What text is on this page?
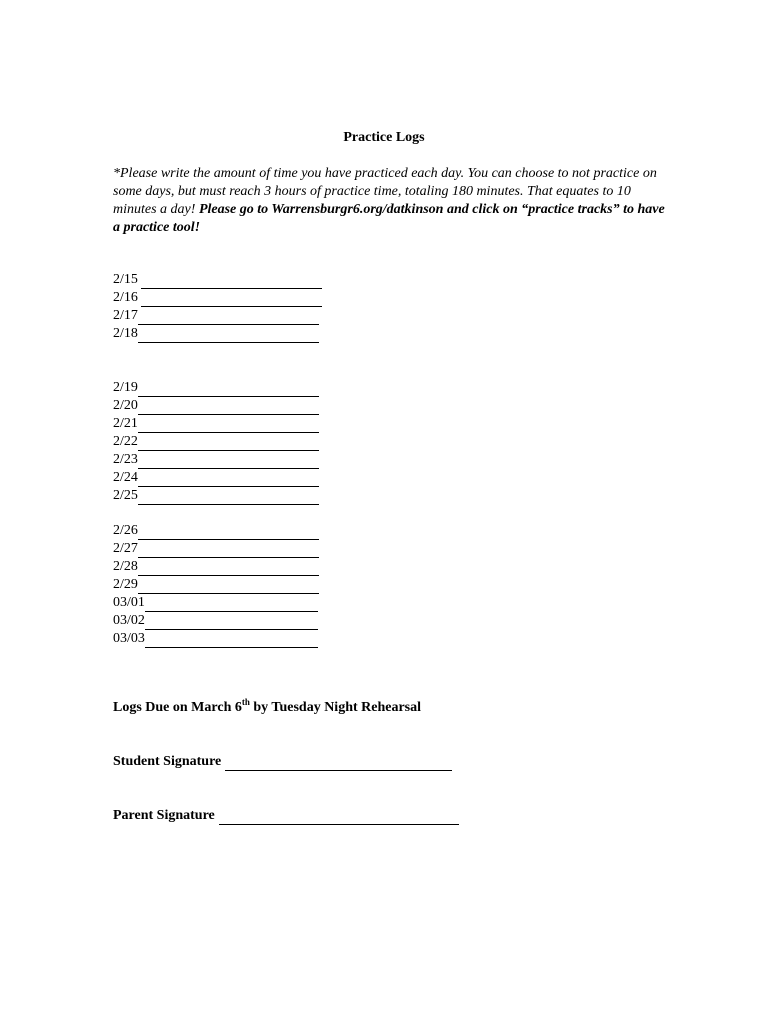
Practice Logs
*Please write the amount of time you have practiced each day. You can choose to not practice on some days, but must reach 3 hours of practice time, totaling 180 minutes. That equates to 10 minutes a day! Please go to Warrensburgr6.org/datkinson and click on “practice tracks” to have a practice tool!
2/15
2/16
2/17
2/18
2/19
2/20
2/21
2/22
2/23
2/24
2/25
2/26
2/27
2/28
2/29
03/01
03/02
03/03
Logs Due on March 6th by Tuesday Night Rehearsal
Student Signature
Parent Signature
